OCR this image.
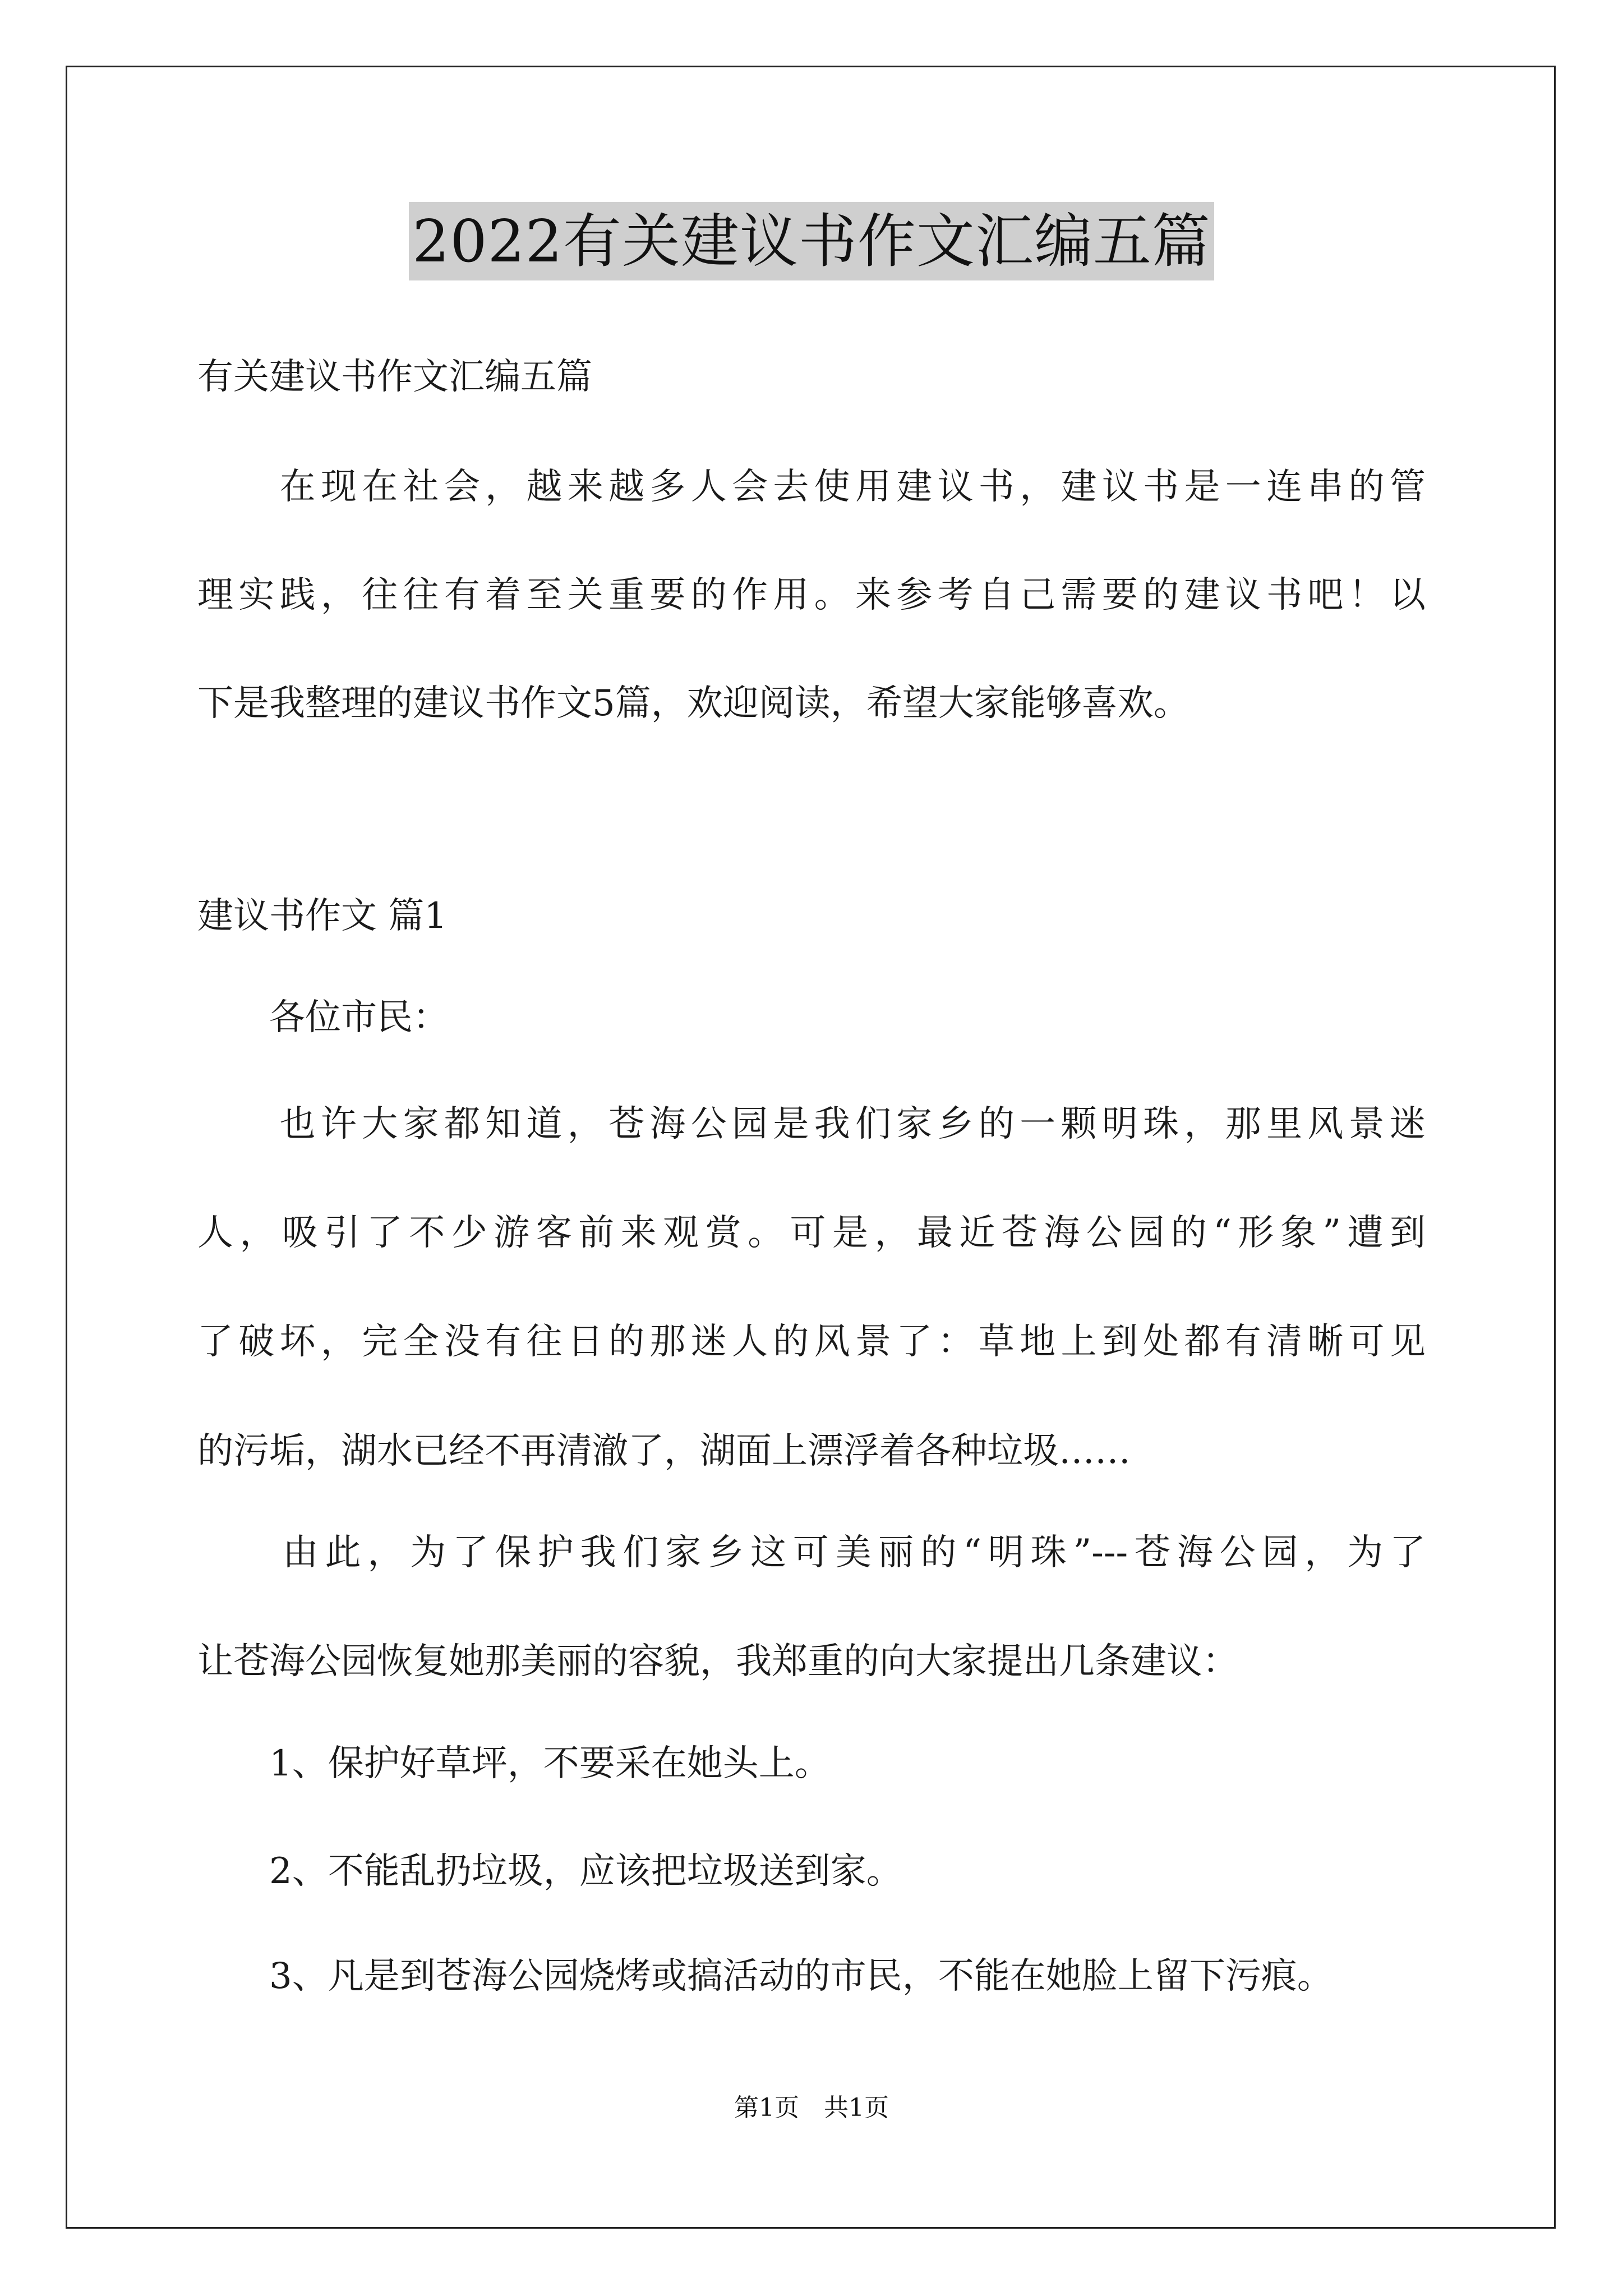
2022有关建议书作文汇编五篇
有关建议书作文汇编五篇
　　在现在社会，越来越多人会去使用建议书，建议书是一连串的管
理实践，往往有着至关重要的作用。来参考自己需要的建议书吧！以
下是我整理的建议书作文5篇，欢迎阅读，希望大家能够喜欢。
建议书作文 篇1
　　各位市民：
　　也许大家都知道，苍海公园是我们家乡的一颗明珠，那里风景迷
人，吸引了不少游客前来观赏。可是，最近苍海公园的“形象”遭到
了破坏，完全没有往日的那迷人的风景了：草地上到处都有清晰可见
的污垢，湖水已经不再清澈了，湖面上漂浮着各种垃圾……
　　由此，为了保护我们家乡这可美丽的“明珠”---苍海公园，为了
让苍海公园恢复她那美丽的容貌，我郑重的向大家提出几条建议：
　　1、保护好草坪，不要采在她头上。
　　2、不能乱扔垃圾，应该把垃圾送到家。
　　3、凡是到苍海公园烧烤或搞活动的市民，不能在她脸上留下污痕。
第1页　共1页
